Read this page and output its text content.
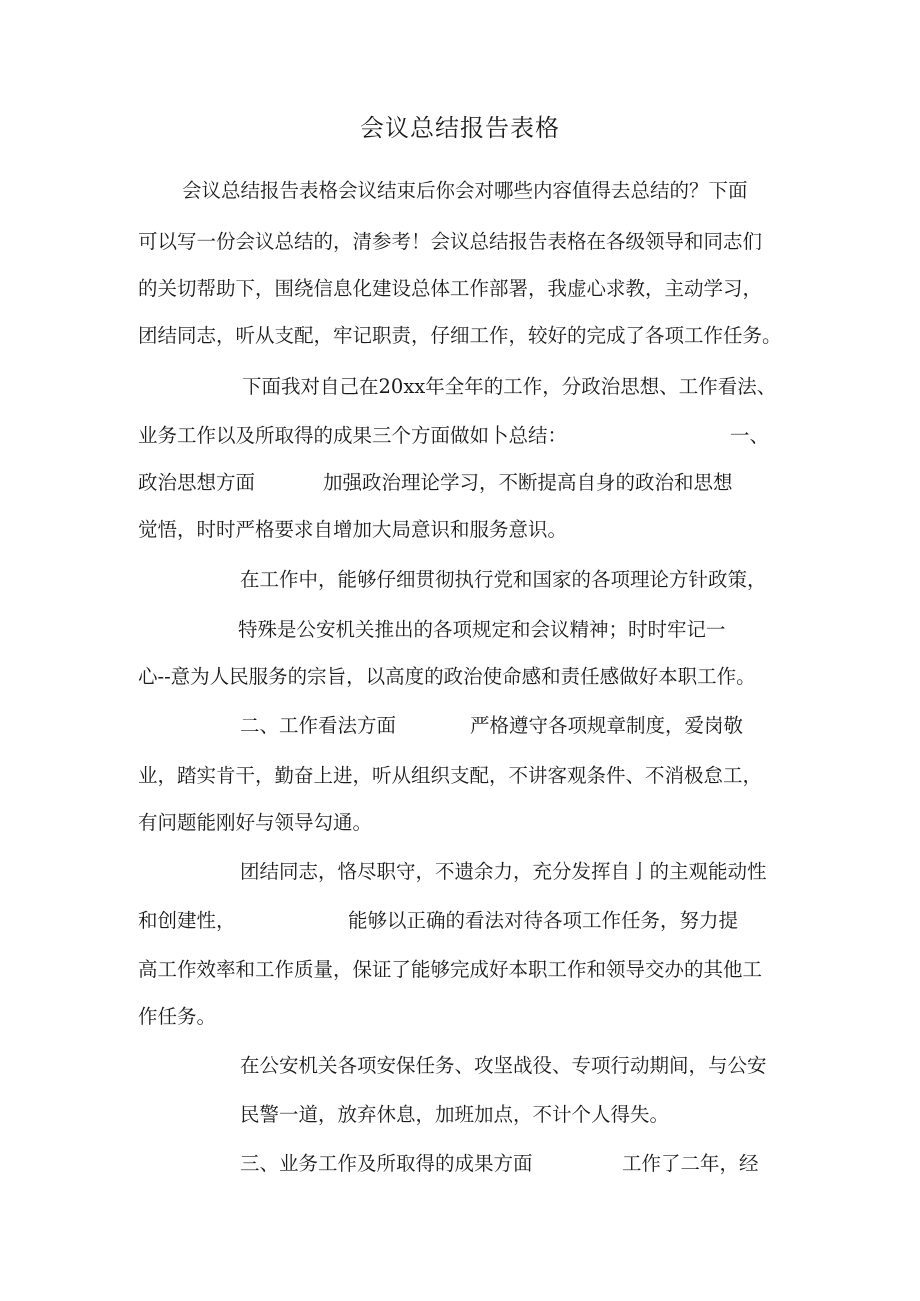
会议总结报告表格
会议总结报告表格会议结束后你会对哪些内容值得去总结的？下面
可以写一份会议总结的，清参考！会议总结报告表格在各级领导和同志们
的关切帮助下，围绕信息化建设总体工作部署，我虚心求教，主动学习，
团结同志，听从支配，牢记职责，仔细工作，较好的完成了各项工作任务。
下面我对自己在20xx年全年的工作，分政治思想、工作看法、
业务工作以及所取得的成果三个方面做如卜总结：	一、
政治思想方面	加强政治理论学习，不断提高自身的政治和思想
觉悟，时时严格要求自增加大局意识和服务意识。
在工作中，能够仔细贯彻执行党和国家的各项理论方针政策，
特殊是公安机关推出的各项规定和会议精神；时时牢记一
心--意为人民服务的宗旨，以高度的政治使命感和责任感做好本职工作。
二、工作看法方面	严格遵守各项规章制度，爱岗敬
业，踏实肯干，勤奋上进，听从组织支配，不讲客观条件、不消极怠工，
有问题能刚好与领导勾通。
团结同志，恪尽职守，不遗余力，充分发挥自亅的主观能动性
和创建性，	能够以正确的看法对待各项工作任务，努力提
高工作效率和工作质量，保证了能够完成好本职工作和领导交办的其他工
作任务。
在公安机关各项安保任务、攻坚战役、专项行动期间，与公安
民警一道，放弃休息，加班加点，不计个人得失。
三、业务工作及所取得的成果方面	工作了二年，经
